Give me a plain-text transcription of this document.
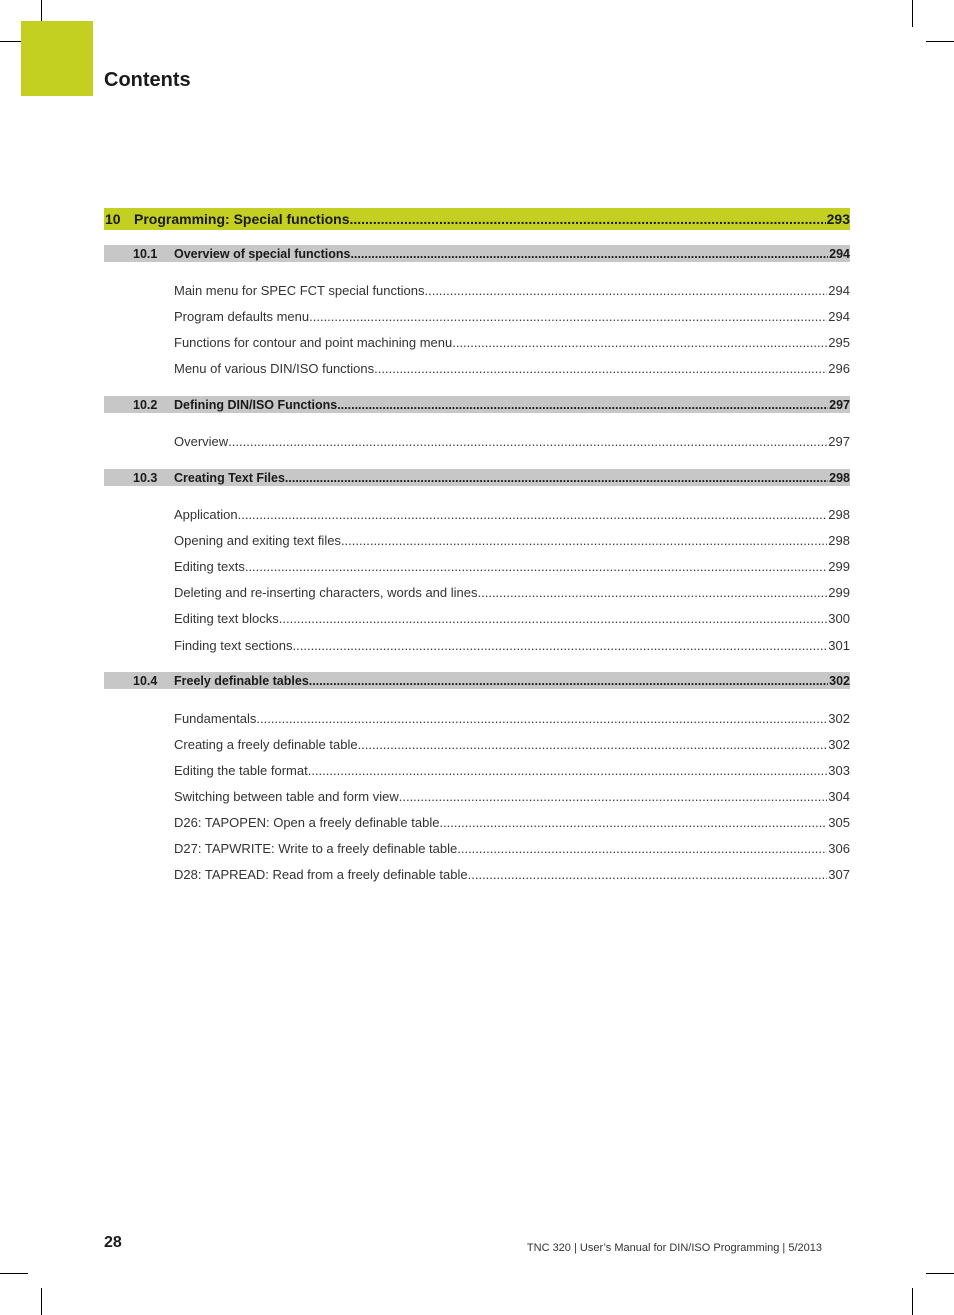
Contents
10 Programming: Special functions .....	293
10.1 Overview of special functions .....	294
Main menu for SPEC FCT special functions .....	294
Program defaults menu .....	294
Functions for contour and point machining menu .....	295
Menu of various DIN/ISO functions .....	296
10.2 Defining DIN/ISO Functions .....	297
Overview .....	297
10.3 Creating Text Files .....	298
Application .....	298
Opening and exiting text files .....	298
Editing texts .....	299
Deleting and re-inserting characters, words and lines .....	299
Editing text blocks .....	300
Finding text sections .....	301
10.4 Freely definable tables .....	302
Fundamentals .....	302
Creating a freely definable table .....	302
Editing the table format .....	303
Switching between table and form view .....	304
D26: TAPOPEN: Open a freely definable table .....	305
D27: TAPWRITE: Write to a freely definable table .....	306
D28: TAPREAD: Read from a freely definable table .....	307
28	TNC 320 | User’s Manual for DIN/ISO Programming | 5/2013
